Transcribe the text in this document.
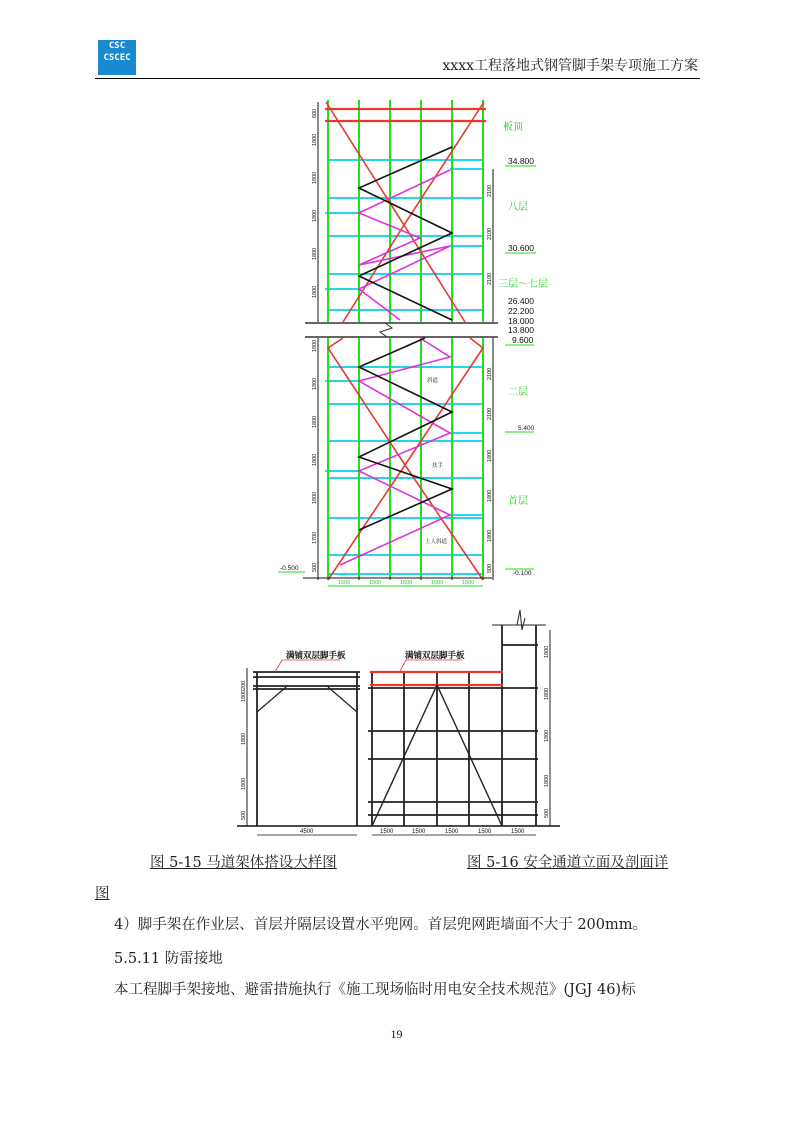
CSC
CSCEC	xxxx工程落地式钢管脚手架专项施工方案
600
1800
1800
1800
1800
1800
1800
1800
1800
1800
1800
1700
500
2100
2100
2100
2100
2100
1800
1800
1800
500
34.800
30.600
26.400
22.200
18.000
13.800
9.600
5.400
-0.100
-0.500
板顶
八层
三层～七层
二层
首层
斜道
扶手
上人斜道
1500	1500	1500	1500	1500
满铺双层脚手板
200
1800
1800
1800
500
4500
满铺双层脚手板	1800
1800
1800
1800
500
1500	1500	1500	1500	1500
图 5-15 马道架体搭设大样图	图 5-16 安全通道立面及剖面详
图
4）脚手架在作业层、首层并隔层设置水平兜网。首层兜网距墙面不大于 200mm。
5.5.11 防雷接地
本工程脚手架接地、避雷措施执行《施工现场临时用电安全技术规范》(JGJ 46)标
19
